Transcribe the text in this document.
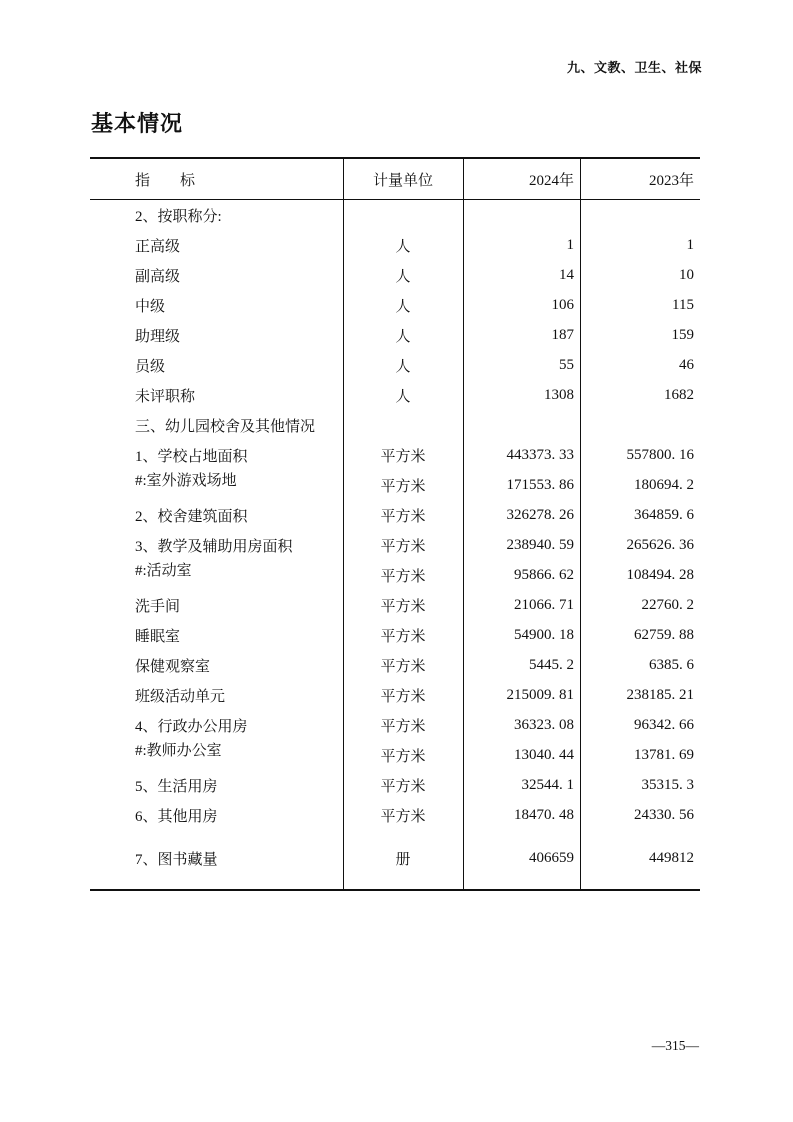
九、文教、卫生、社保
基本情况
指　　标	计量单位	2024年	2023年
2、按职称分:
正高级	人	1	1
副高级	人	14	10
中级	人	106	115
助理级	人	187	159
员级	人	55	46
未评职称	人	1308	1682
三、幼儿园校舍及其他情况
1、学校占地面积	平方米	443373. 33	557800. 16
#:室外游戏场地	平方米	171553. 86	180694. 2
2、校舍建筑面积	平方米	326278. 26	364859. 6
3、教学及辅助用房面积	平方米	238940. 59	265626. 36
#:活动室	平方米	95866. 62	108494. 28
洗手间	平方米	21066. 71	22760. 2
睡眠室	平方米	54900. 18	62759. 88
保健观察室	平方米	5445. 2	6385. 6
班级活动单元	平方米	215009. 81	238185. 21
4、行政办公用房	平方米	36323. 08	96342. 66
#:教师办公室	平方米	13040. 44	13781. 69
5、生活用房	平方米	32544. 1	35315. 3
6、其他用房	平方米	18470. 48	24330. 56
7、图书藏量	册	406659	449812
—315—
